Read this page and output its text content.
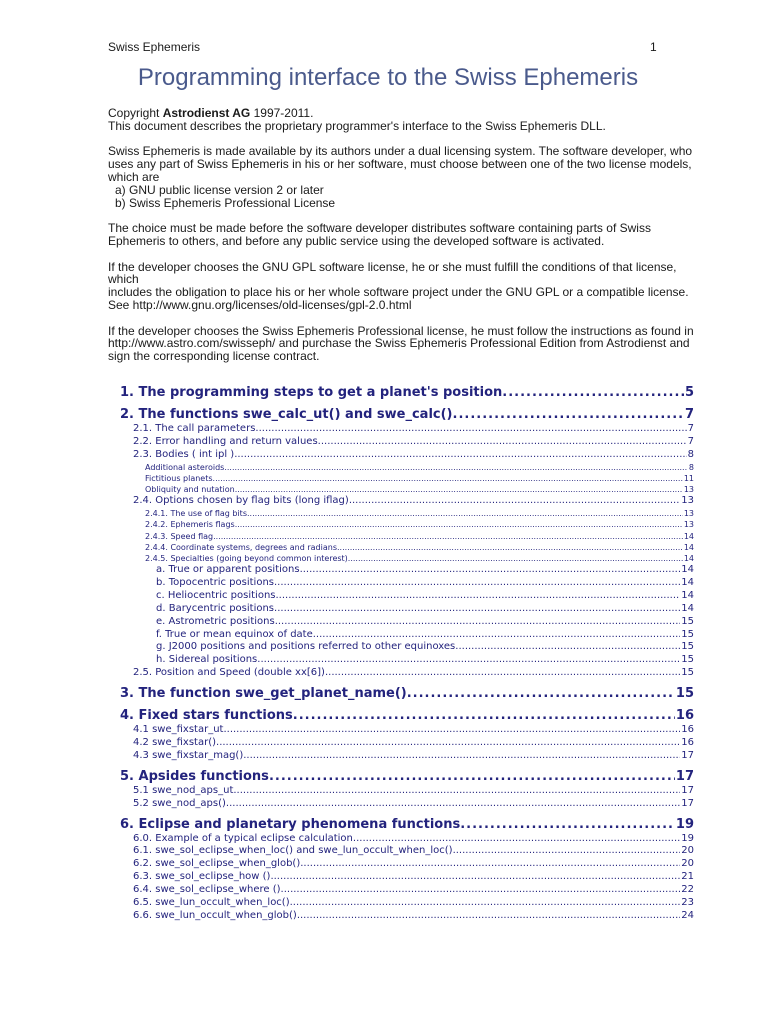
Swiss Ephemeris	1
Programming interface to the Swiss Ephemeris

Copyright Astrodienst AG 1997-2011.

This document describes the proprietary programmer's interface to the Swiss Ephemeris DLL.

Swiss Ephemeris is made available by its authors under a dual licensing system. The software developer, who
uses any part of Swiss Ephemeris in his or her software, must choose between one of the two license models,
which are
a) GNU public license version 2 or later

b) Swiss Ephemeris Professional License

The choice must be made before the software developer distributes software containing parts of Swiss

Ephemeris to others, and before any public service using the developed software is activated.

If the developer chooses the GNU GPL software license, he or she must fulfill the conditions of that license, which
includes the obligation to place his or her whole software project under the GNU GPL or a compatible license.

See http://www.gnu.org/licenses/old-licenses/gpl-2.0.html

If the developer chooses the Swiss Ephemeris Professional license, he must follow the instructions as found in
http://www.astro.com/swisseph/ and purchase the Swiss Ephemeris Professional Edition from Astrodienst and
sign the corresponding license contract.
1. The programming steps to get a planet's position .....	5
2. The functions swe_calc_ut() and swe_calc() .....	7
2.1. The call parameters .....	7
2.2. Error handling and return values .....	7
2.3. Bodies ( int ipl ) .....	8
Additional asteroids .....	8
Fictitious planets .....	11
Obliquity and nutation .....	13
2.4. Options chosen by flag bits (long iflag) .....	13
2.4.1. The use of flag bits .....	13
2.4.2. Ephemeris flags .....	13
2.4.3. Speed flag .....	14
2.4.4. Coordinate systems, degrees and radians .....	14
2.4.5. Specialties (going beyond common interest) .....	14
a. True or apparent positions .....	14
b. Topocentric positions .....	14
c. Heliocentric positions .....	14
d. Barycentric positions .....	14
e. Astrometric positions .....	15
f. True or mean equinox of date .....	15
g. J2000 positions and positions referred to other equinoxes .....	15
h. Sidereal positions .....	15
2.5. Position and Speed (double xx[6]) .....	15
3. The function swe_get_planet_name() .....	15
4. Fixed stars functions .....	16
4.1 swe_fixstar_ut .....	16
4.2 swe_fixstar() .....	16
4.3 swe_fixstar_mag() .....	17
5. Apsides functions .....	17
5.1 swe_nod_aps_ut .....	17
5.2 swe_nod_aps() .....	17
6. Eclipse and planetary phenomena functions .....	19
6.0. Example of a typical eclipse calculation .....	19
6.1. swe_sol_eclipse_when_loc() and swe_lun_occult_when_loc() .....	20
6.2. swe_sol_eclipse_when_glob() .....	20
6.3. swe_sol_eclipse_how () .....	21
6.4. swe_sol_eclipse_where () .....	22
6.5. swe_lun_occult_when_loc() .....	23
6.6. swe_lun_occult_when_glob() .....	24
